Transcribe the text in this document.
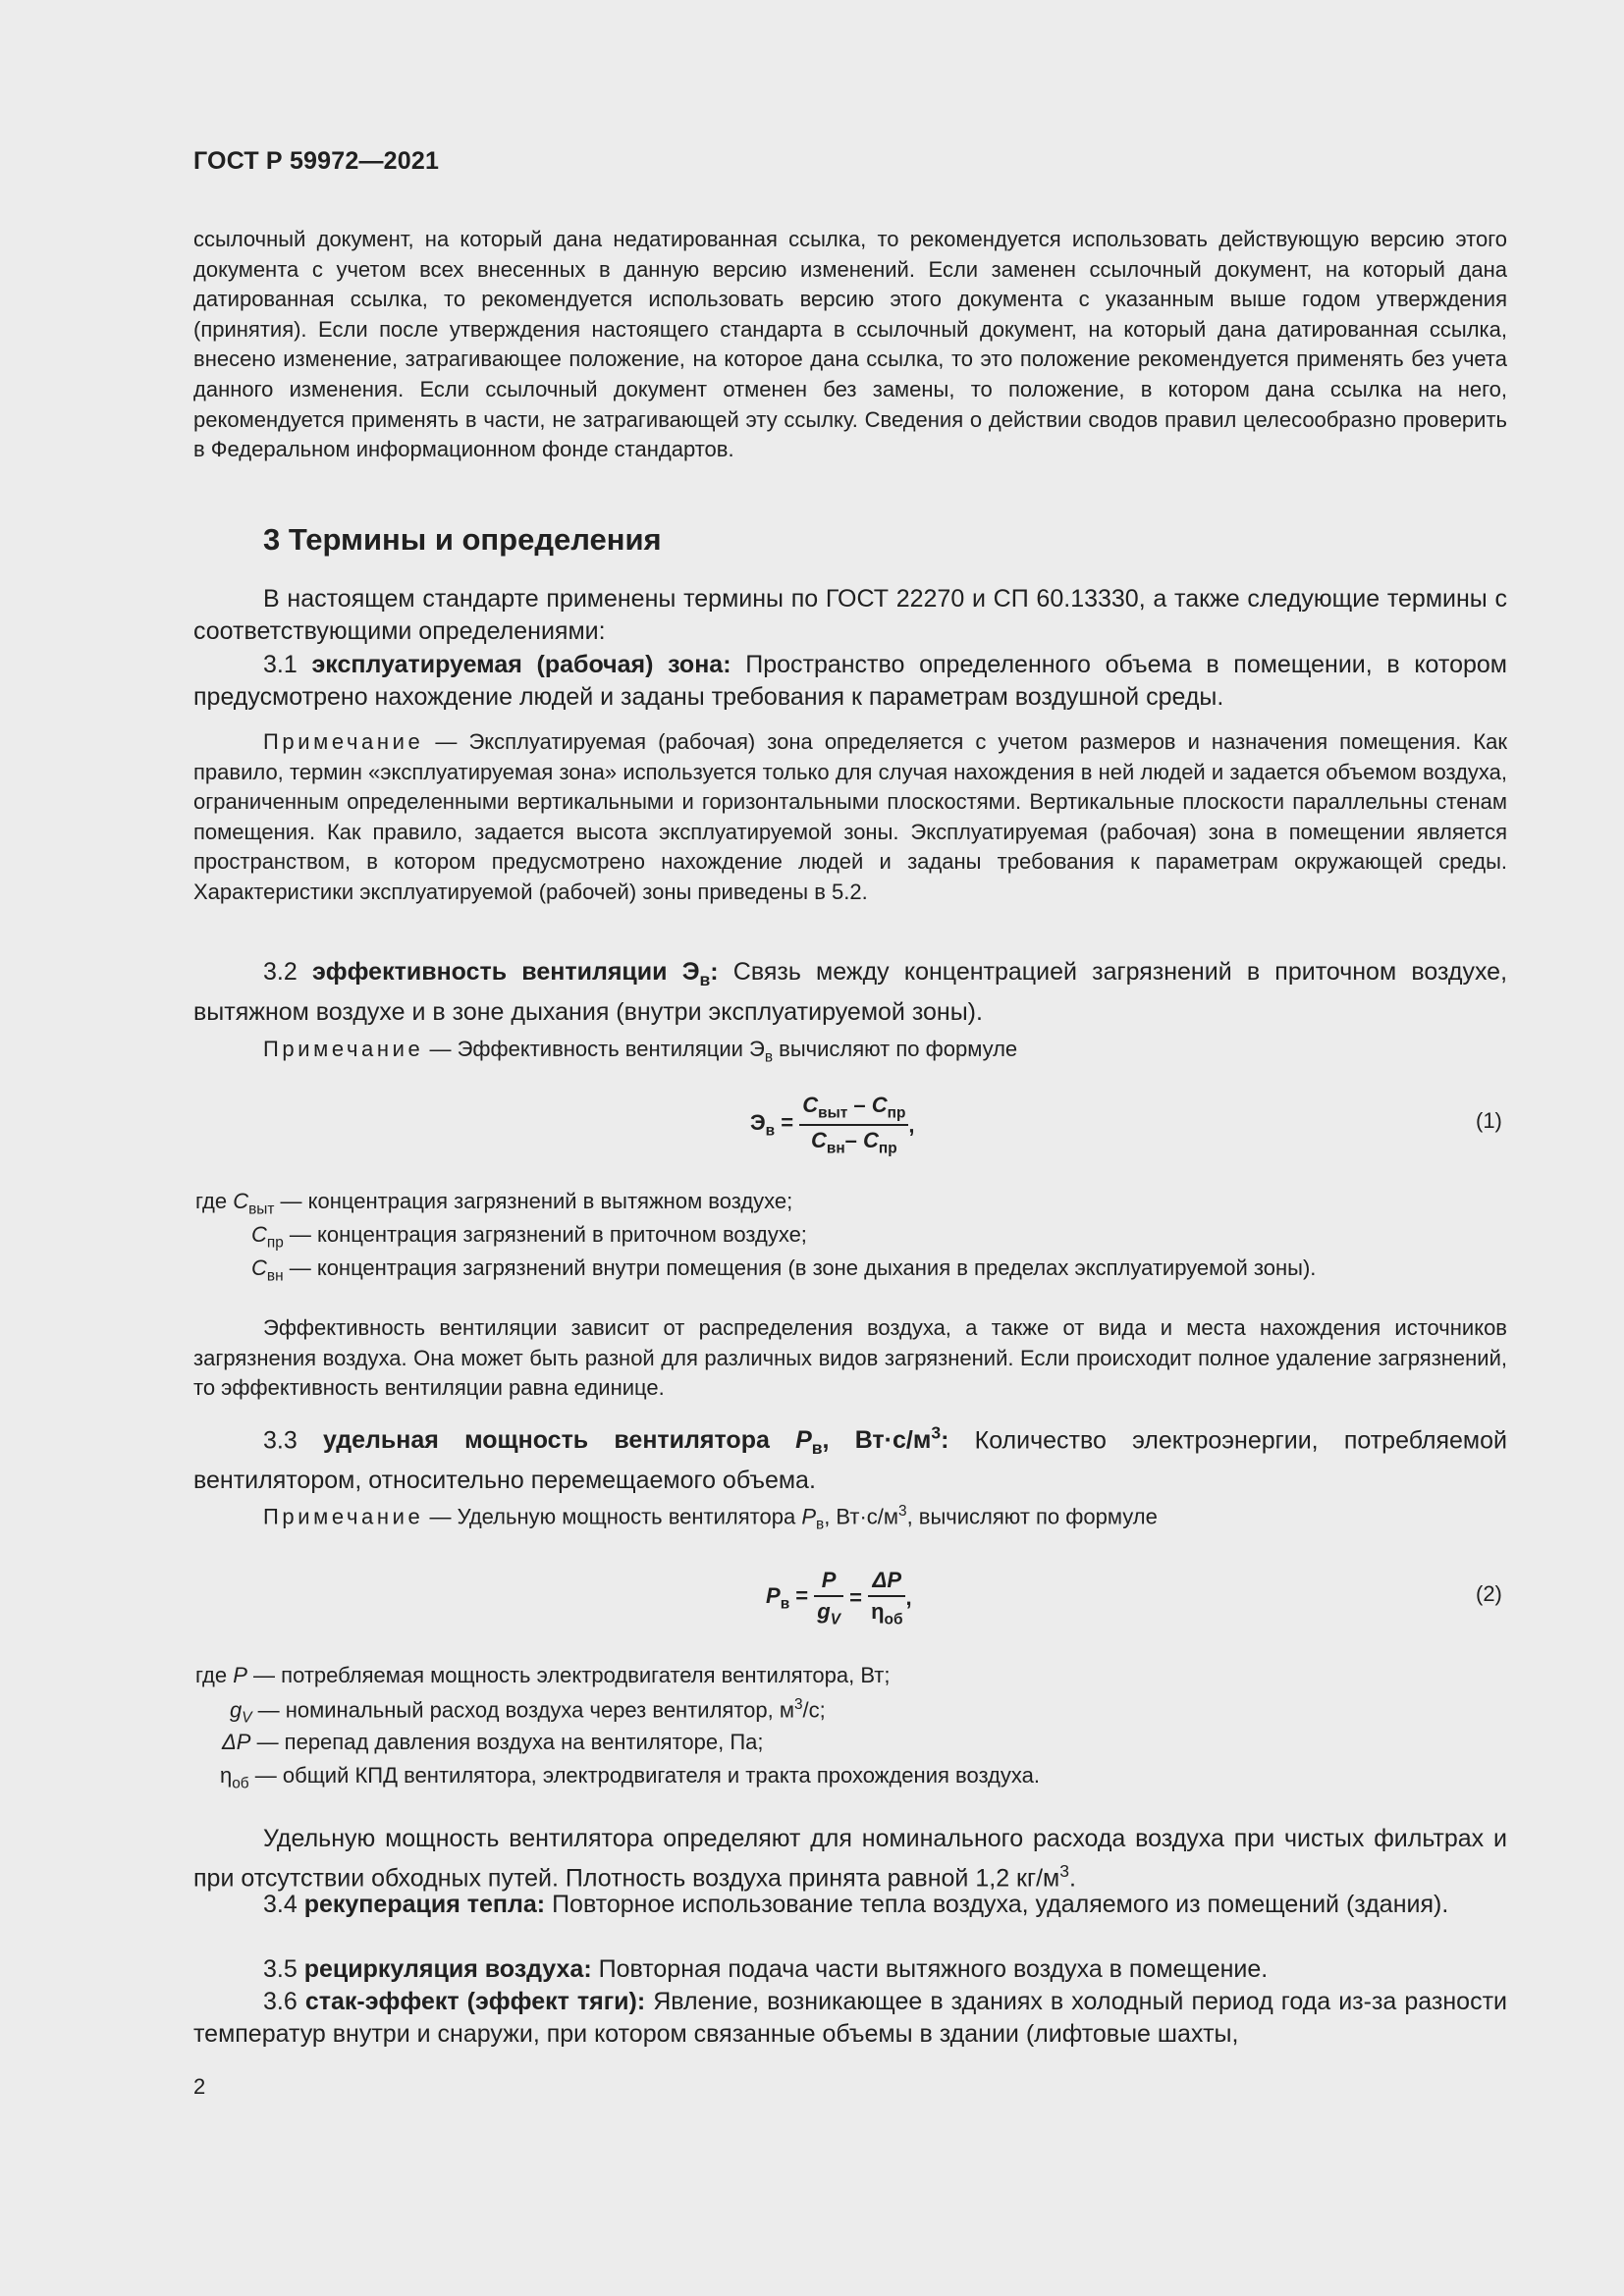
ГОСТ Р 59972—2021

ссылочный документ, на который дана недатированная ссылка, то рекомендуется использовать действующую версию этого документа с учетом всех внесенных в данную версию изменений. Если заменен ссылочный документ, на который дана датированная ссылка, то рекомендуется использовать версию этого документа с указанным выше годом утверждения (принятия). Если после утверждения настоящего стандарта в ссылочный документ, на который дана датированная ссылка, внесено изменение, затрагивающее положение, на которое дана ссылка, то это положение рекомендуется применять без учета данного изменения. Если ссылочный документ отменен без замены, то положение, в котором дана ссылка на него, рекомендуется применять в части, не затрагивающей эту ссылку. Сведения о действии сводов правил целесообразно проверить в Федеральном информационном фонде стандартов.

3 Термины и определения

В настоящем стандарте применены термины по ГОСТ 22270 и СП 60.13330, а также следующие термины с соответствующими определениями:

3.1 эксплуатируемая (рабочая) зона: Пространство определенного объема в помещении, в котором предусмотрено нахождение людей и заданы требования к параметрам воздушной среды.

Примечание — Эксплуатируемая (рабочая) зона определяется с учетом размеров и назначения помещения. Как правило, термин «эксплуатируемая зона» используется только для случая нахождения в ней людей и задается объемом воздуха, ограниченным определенными вертикальными и горизонтальными плоскостями. Вертикальные плоскости параллельны стенам помещения. Как правило, задается высота эксплуатируемой зоны. Эксплуатируемая (рабочая) зона в помещении является пространством, в котором предусмотрено нахождение людей и заданы требования к параметрам окружающей среды. Характеристики эксплуатируемой (рабочей) зоны приведены в 5.2.

3.2 эффективность вентиляции $Э_в$: Связь между концентрацией загрязнений в приточном воздухе, вытяжном воздухе и в зоне дыхания (внутри эксплуатируемой зоны).

Примечание — Эффективность вентиляции $Э_в$ вычисляют по формуле

$Э_в = \frac{C_{выт} - C_{пр}}{C_{вн}- C_{пр}}$ ,	(1)
где $C_{выт}$ — концентрация загрязнений в вытяжном воздухе;
$C_{пр}$ — концентрация загрязнений в приточном воздухе;
$C_{вн}$ — концентрация загрязнений внутри помещения (в зоне дыхания в пределах эксплуатируемой зоны).

Эффективность вентиляции зависит от распределения воздуха, а также от вида и места нахождения источников загрязнения воздуха. Она может быть разной для различных видов загрязнений. Если происходит полное удаление загрязнений, то эффективность вентиляции равна единице.

3.3 удельная мощность вентилятора $P_в$, $Вт\cdot с/м^3$: Количество электроэнергии, потребляемой вентилятором, относительно перемещаемого объема.

Примечание — Удельную мощность вентилятора $P_в$, $Вт\cdot с/м^3$, вычисляют по формуле

$P_в = \frac{P}{g_V} = \frac{\Delta P}{\eta_{об}}$ ,	(2)
где P — потребляемая мощность электродвигателя вентилятора, Вт;
$g_V$ — номинальный расход воздуха через вентилятор, $м^3/с$;
ΔP — перепад давления воздуха на вентиляторе, Па;
$\eta_{об}$ — общий КПД вентилятора, электродвигателя и тракта прохождения воздуха.

Удельную мощность вентилятора определяют для номинального расхода воздуха при чистых фильтрах и при отсутствии обходных путей. Плотность воздуха принята равной 1,2 $кг/м^3$.

3.4 рекуперация тепла: Повторное использование тепла воздуха, удаляемого из помещений (здания).

3.5 рециркуляция воздуха: Повторная подача части вытяжного воздуха в помещение.

3.6 стак-эффект (эффект тяги): Явление, возникающее в зданиях в холодный период года из-за разности температур внутри и снаружи, при котором связанные объемы в здании (лифтовые шахты,

2
